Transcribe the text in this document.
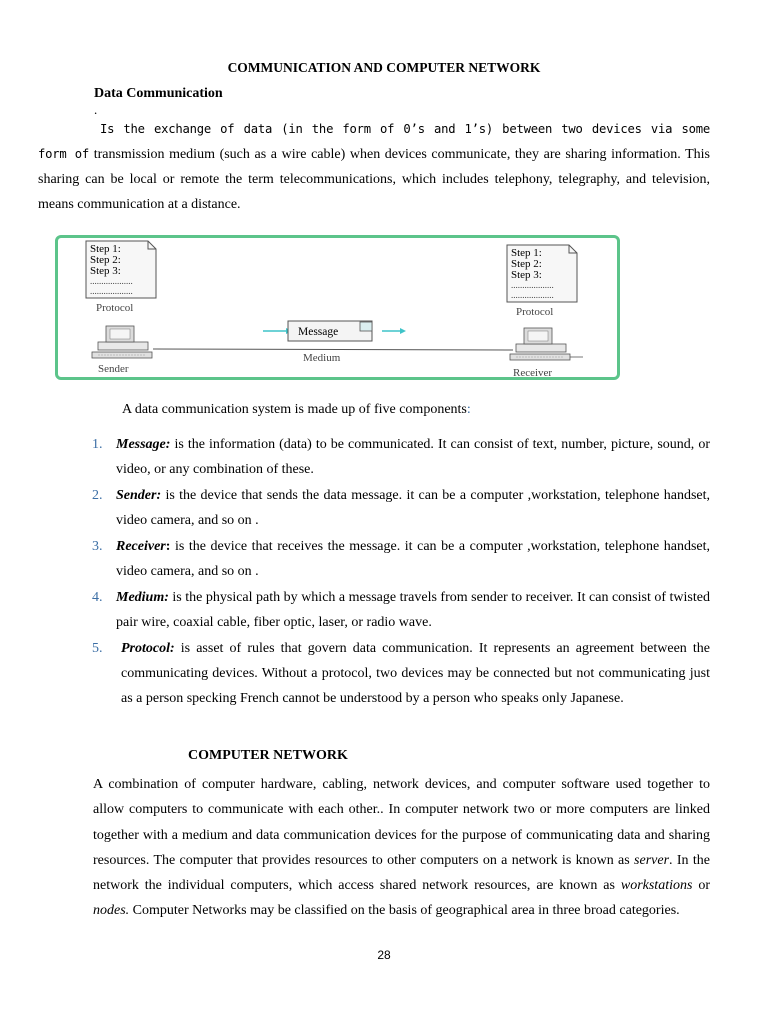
COMMUNICATION AND COMPUTER NETWORK
Data Communication
.
Is the exchange of data (in the form of 0’s and 1’s) between two devices via some form of transmission medium (such as a wire cable) when devices communicate, they are sharing information. This sharing can be local or remote the term telecommunications, which includes telephony, telegraphy, and television, means communication at a distance.
Step 1:
Step 2:
Step 3:
...................
...................
Protocol
Step 1:
Step 2:
Step 3:
...................
...................
Protocol
Message
Medium
Sender	Receiver
A data communication system is made up of five components:
1. Message: is the information (data) to be communicated. It can consist of text, number, picture, sound, or video, or any combination of these.
2. Sender: is the device that sends the data message. it can be a computer ,workstation, telephone handset, video camera, and so on .
3. Receiver: is the device that receives the message. it can be a computer ,workstation, telephone handset, video camera, and so on .
4. Medium: is the physical path by which a message travels from sender to receiver. It can consist of twisted pair wire, coaxial cable, fiber optic, laser, or radio wave.
5.	Protocol: is asset of rules that govern data communication. It represents an agreement between the communicating devices. Without a protocol, two devices may be connected but not communicating just as a person specking French cannot be understood by a person who speaks only Japanese.
COMPUTER NETWORK
A combination of computer hardware, cabling, network devices, and computer software used together to allow computers to communicate with each other.. In computer network two or more computers are linked together with a medium and data communication devices for the purpose of communicating data and sharing resources. The computer that provides resources to other computers on a network is known as server. In the network the individual computers, which access shared network resources, are known as workstations or nodes. Computer Networks may be classified on the basis of geographical area in three broad categories.
28
